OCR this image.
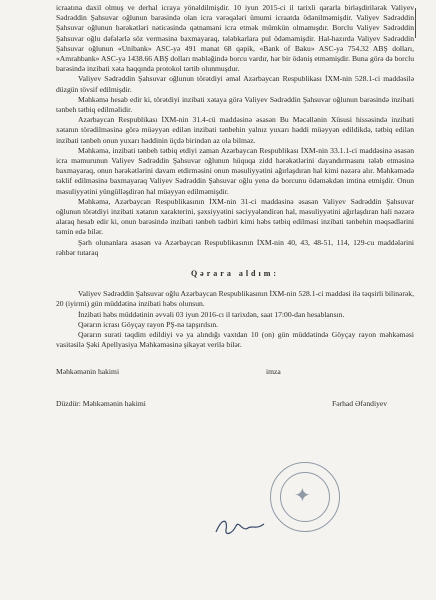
icraatına daxil olmuş ve derhal icraya yönəldilmişdir. 10 iyun 2015-ci il tarixli qərarla birləşdirilərək Valiyev Sədrəddin Şahsuvar oğlunun barəsində olan icra vərəqələri ümumi icraatda ödənilməmişdir. Valiyev Sədrəddin Şahsuvar oğlunun hərəkətləri nəticəsində qətnaməni icra etmək mümkün olmamışdır. Borclu Valiyev Sədrəddin Şahsuvar oğlu dəfələrlə söz verməsinə baxmayaraq, tələbkarlara pul ödəməmişdir. Hal-hazırda Valiyev Sədrəddin Şahsuvar oğlunun «Unibank» ASC-yə 491 manat 68 qəpik, «Bank of Baku» ASC-yə 754.32 ABŞ dolları, «Amrahbank» ASC-yə 1438.66 ABŞ dolları məbləğində borcu vardır, hər bir ödəniş etməmişdir. Buna görə də borclu barəsində inzibati xəta haqqında protokol tərtib olunmuşdur.

Valiyev Sədrəddin Şahsuvar oğlunun törətdiyi əməl Azərbaycan Respublikası İXM-nin 528.1-ci maddəsilə düzgün tövsif edilmişdir.

Məhkəmə hesab edir ki, törətdiyi inzibati xətaya görə Valiyev Sədrəddin Şahsuvar oğlunun barəsində inzibati tənbeh tətbiq edilməlidir.

Azərbaycan Respublikası İXM-nin 31.4-cü maddəsinə əsasən Bu Məcəllənin Xüsusi hissəsində inzibati xətanın törədilməsinə görə müəyyən edilən inzibati tənbehin yalnız yuxarı həddi müəyyən edildikdə, tətbiq edilən inzibati tənbeh onun yuxarı həddinin üçdə birindən az ola bilməz.

Məhkəmə, inzibati tənbeh tətbiq etdiyi zaman Azərbaycan Respublikası İXM-nin 33.1.1-ci maddəsinə əsasən icra məmurunun Valiyev Sədrəddin Şahsuvar oğlunun hüquqa zidd hərəkətlərini dayandırmasını tələb etməsinə baxmayaraq, onun hərəkətlərini davam etdirməsini onun məsuliyyətini ağırlaşdıran hal kimi nəzərə alır. Məhkəmədə təklif edilməsinə baxmayaraq Valiyev Sədrəddin Şahsuvar oğlu yenə də borcunu ödəməkdən imtina etmişdir. Onun məsuliyyətini yüngülləşdirən hal müəyyən edilməmişdir.

Məhkəmə, Azərbaycan Respublikasının İXM-nin 31-ci maddəsinə əsasən Valiyev Sədrəddin Şahsuvar oğlunun törətdiyi inzibati xətanın xarakterini, şəxsiyyətini səciyyələndirən hal, məsuliyyətini ağırlaşdıran hali nəzərə alaraq hesab edir ki, onun barəsində inzibati tənbeh tədbiri kimi həbs tətbiq edilməsi inzibati tənbehin məqsədlərini təmin edə bilər.

Şərh olunanlara əsasən və Azərbaycan Respublikasının İXM-nin 40, 43, 48-51, 114, 129-cu maddələrini rəhbər tutaraq

Qərara aldım:

Valiyev Sədrəddin Şahsuvar oğlu Azərbaycan Respublikasının İXM-nin 528.1-ci maddəsi ilə təqsirli bilinərək, 20 (iyirmi) gün müddətinə inzibati həbs olunsun.

İnzibati həbs müddətinin əvvəli 03 iyun 2016-cı il tarixdən, saat 17:00-dan hesablansın.

Qərarın icrası Göyçay rayon PŞ-nə tapşırılsın.

Qərarın surəti təqdim edildiyi və ya alındığı vaxtdan 10 (on) gün müddətində Göyçay rayon məhkəməsi vasitəsilə Şəki Apellyasiya Məhkəməsinə şikayət verilə bilər.

Məhkəmənin hakimi	imza
Düzdür: Məhkəmənin hakimi	Fərhad Əfəndiyev
✦
